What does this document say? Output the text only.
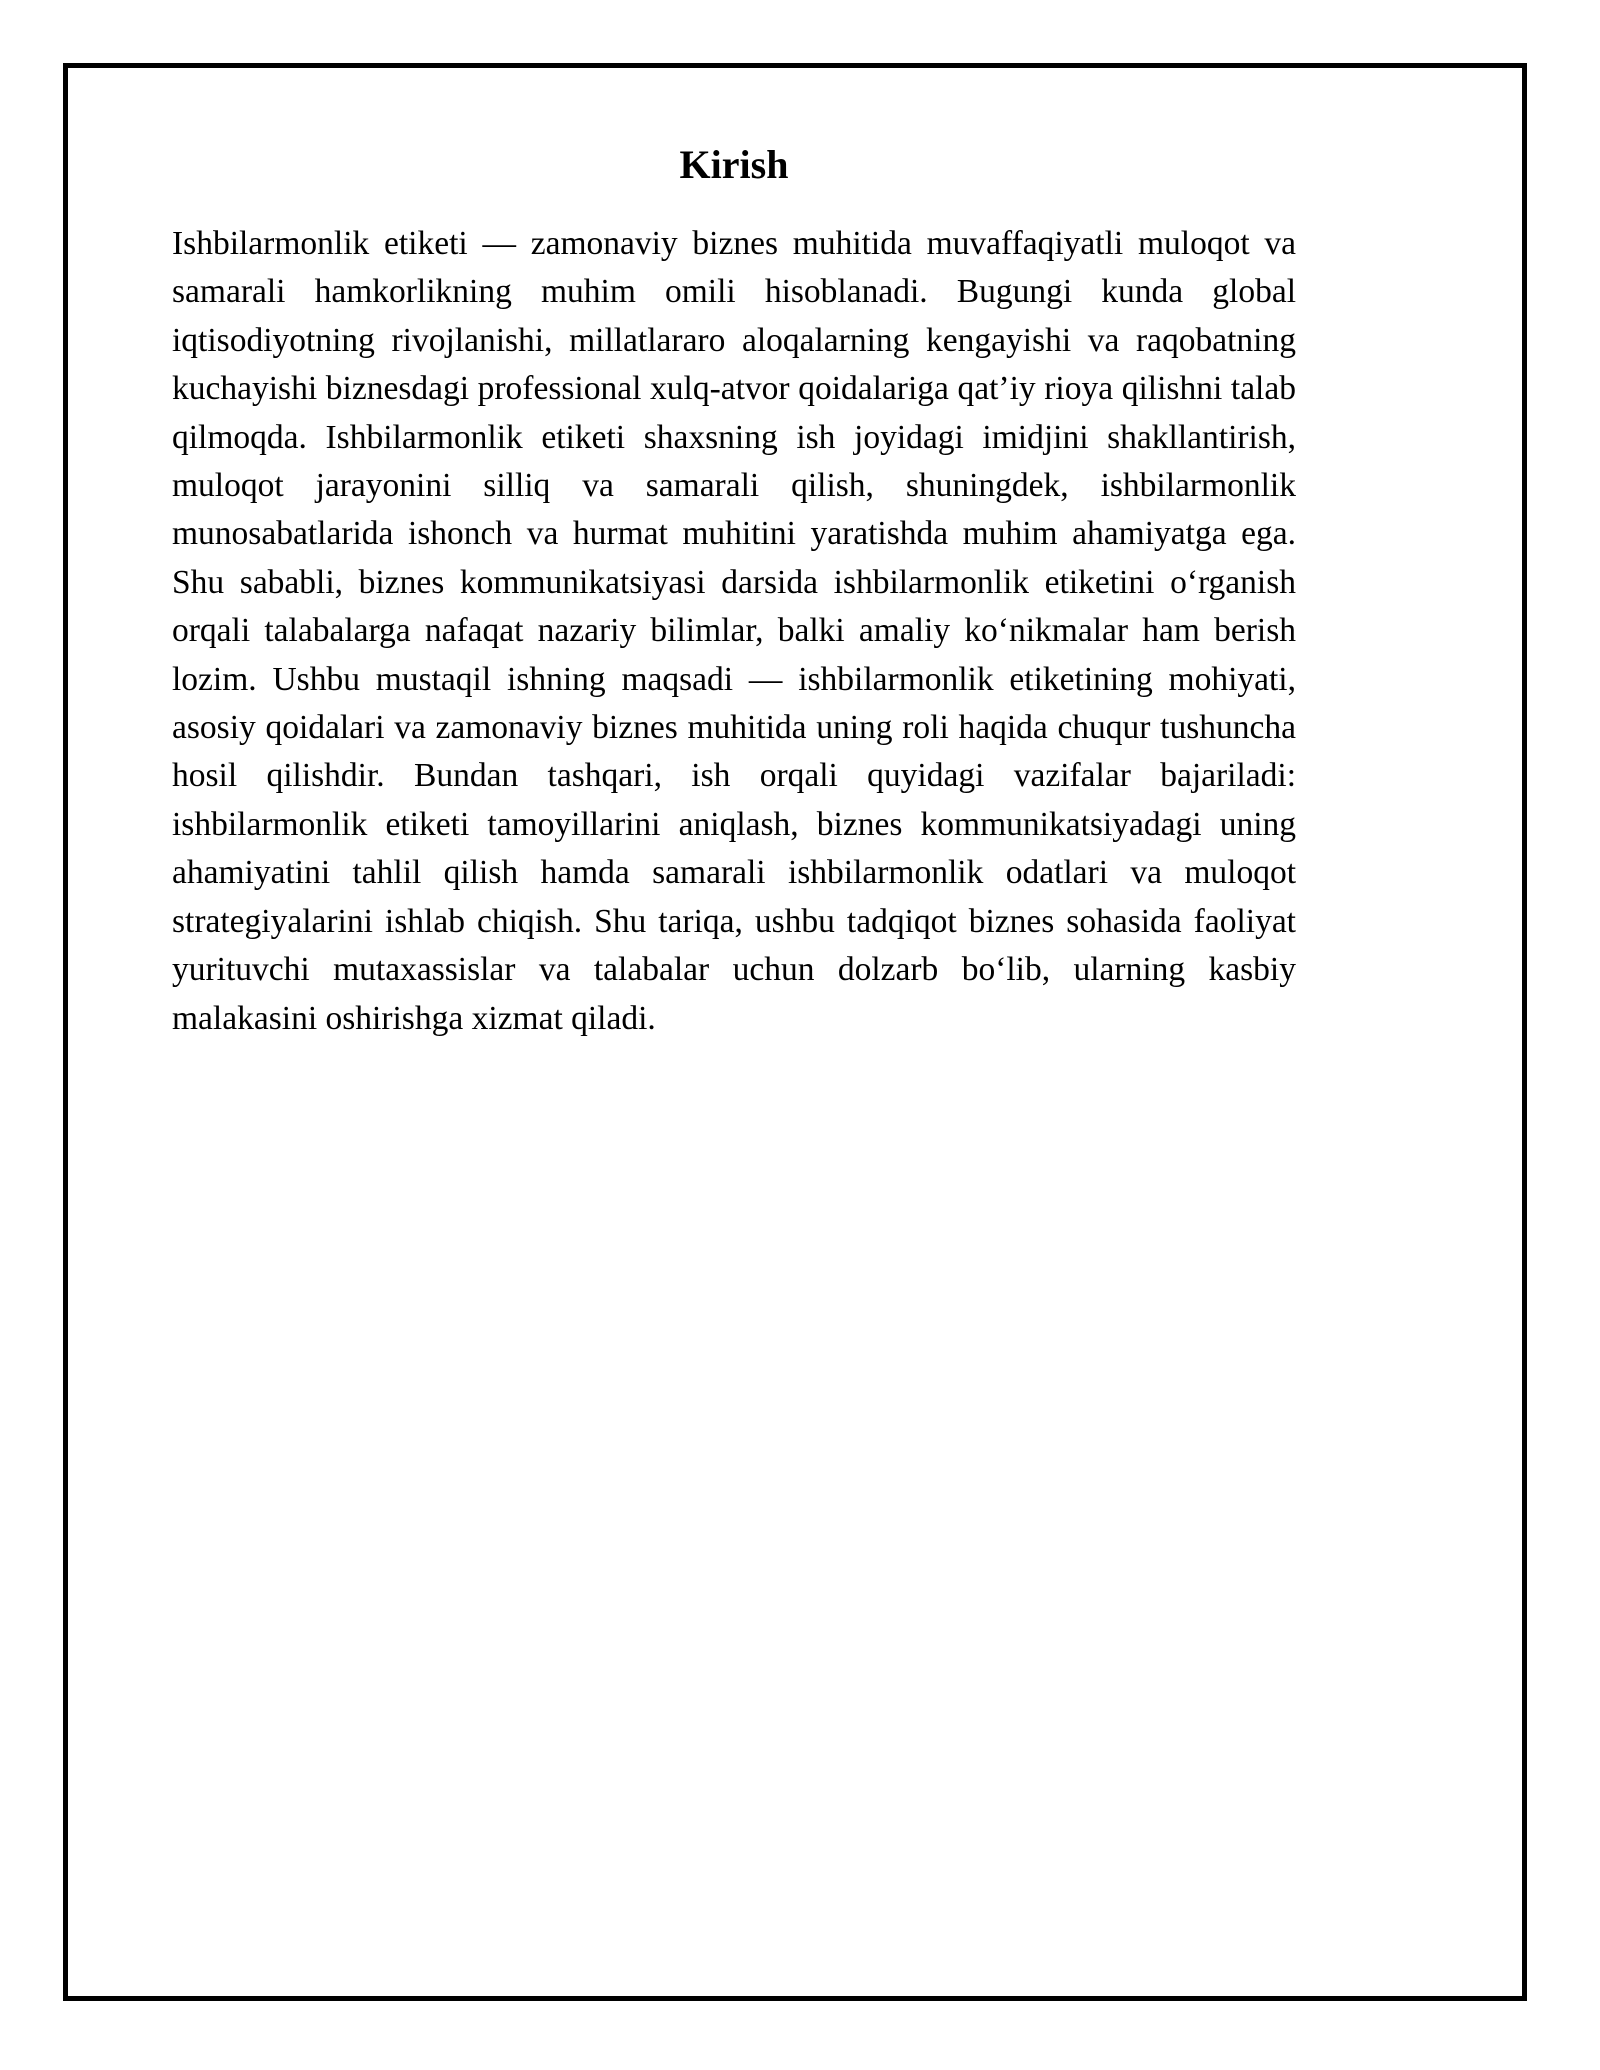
Kirish

Ishbilarmonlik etiketi — zamonaviy biznes muhitida muvaffaqiyatli muloqot va samarali hamkorlikning muhim omili hisoblanadi. Bugungi kunda global iqtisodiyotning rivojlanishi, millatlararo aloqalarning kengayishi va raqobatning kuchayishi biznesdagi professional xulq-atvor qoidalariga qat’iy rioya qilishni talab qilmoqda. Ishbilarmonlik etiketi shaxsning ish joyidagi imidjini shakllantirish, muloqot jarayonini silliq va samarali qilish, shuningdek, ishbilarmonlik munosabatlarida ishonch va hurmat muhitini yaratishda muhim ahamiyatga ega. Shu sababli, biznes kommunikatsiyasi darsida ishbilarmonlik etiketini oʻrganish orqali talabalarga nafaqat nazariy bilimlar, balki amaliy koʻnikmalar ham berish lozim. Ushbu mustaqil ishning maqsadi — ishbilarmonlik etiketining mohiyati, asosiy qoidalari va zamonaviy biznes muhitida uning roli haqida chuqur tushuncha hosil qilishdir. Bundan tashqari, ish orqali quyidagi vazifalar bajariladi: ishbilarmonlik etiketi tamoyillarini aniqlash, biznes kommunikatsiyadagi uning ahamiyatini tahlil qilish hamda samarali ishbilarmonlik odatlari va muloqot strategiyalarini ishlab chiqish. Shu tariqa, ushbu tadqiqot biznes sohasida faoliyat yurituvchi mutaxassislar va talabalar uchun dolzarb boʻlib, ularning kasbiy malakasini oshirishga xizmat qiladi.
